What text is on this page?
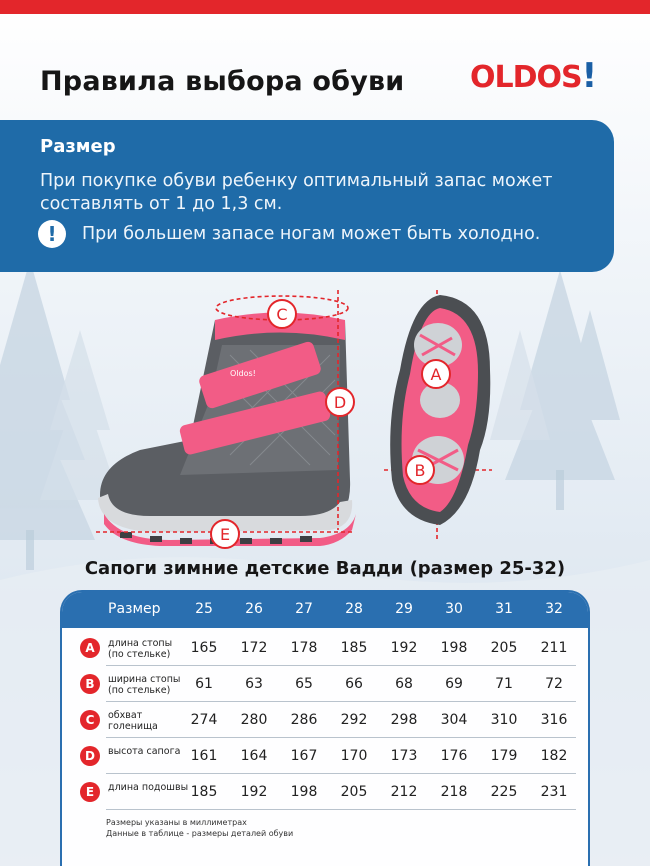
Правила выбора обуви OLDOS!
Размер
При покупке обуви ребенку оптимальный запас может составлять от 1 до 1,3 см.
!	При большем запасе ногам может быть холодно.
Oldos!
C
D
E
A
B
Сапоги зимние детские Вадди (размер 25-32)
Размер	25	26	27	28	29	30	31	32
A	длина стопы (по стельке)	165	172	178	185	192	198	205	211
B	ширина стопы (по стельке)	61	63	65	66	68	69	71	72
C	обхват голенища	274	280	286	292	298	304	310	316
D	высота сапога 161	164	167	170	173	176	179	182
E	длина подошвы 185	192	198	205	212	218	225	231
Размеры указаны в миллиметрах
Данные в таблице - размеры деталей обуви
